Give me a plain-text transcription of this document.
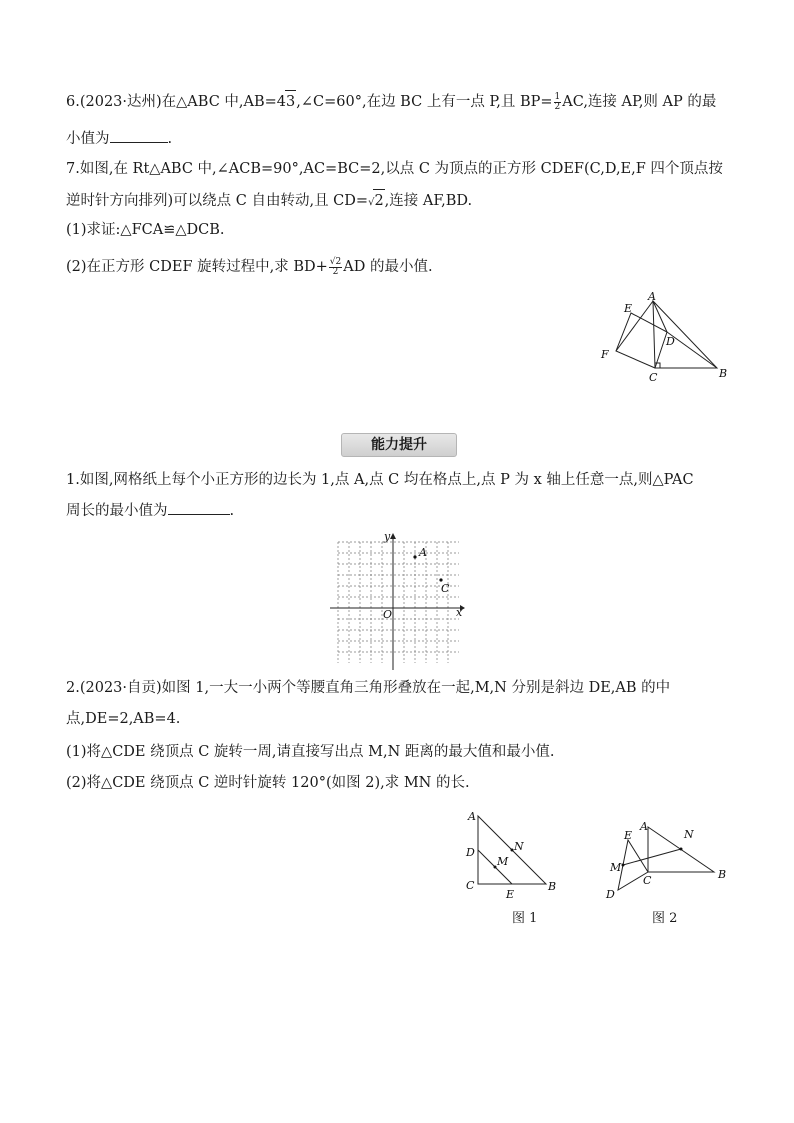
6.(2023·达州)在△ABC 中,AB=43,∠C=60°,在边 BC 上有一点 P,且 $BP= \frac{1}{2}$ AC,连接 AP,则 AP 的最
小值为	.
7.如图,在 Rt△ABC 中,∠ACB=90°,AC=BC=2,以点 C 为顶点的正方形 CDEF(C,D,E,F 四个顶点按
逆时针方向排列)可以绕点 C 自由转动,且 CD=√2,连接 AF,BD.
(1)求证:△FCA≌△DCB.
(2)在正方形 CDEF 旋转过程中,求 $BD+ \frac{√2}{2}$ AD 的最小值.
A
E
D
F
C	B
能力提升
1.如图,网格纸上每个小正方形的边长为 1,点 A,点 C 均在格点上,点 P 为 x 轴上任意一点,则△PAC
周长的最小值为	.
y
x
O
A
C
2.(2023·自贡)如图 1,一大一小两个等腰直角三角形叠放在一起,M,N 分别是斜边 DE,AB 的中
点,DE=2,AB=4.
(1)将△CDE 绕顶点 C 旋转一周,请直接写出点 M,N 距离的最大值和最小值.
(2)将△CDE 绕顶点 C 逆时针旋转 120°(如图 2),求 MN 的长.
A
N
D
M
C
E
B
图 1
A
E	N
M
C	B
D
图 2
